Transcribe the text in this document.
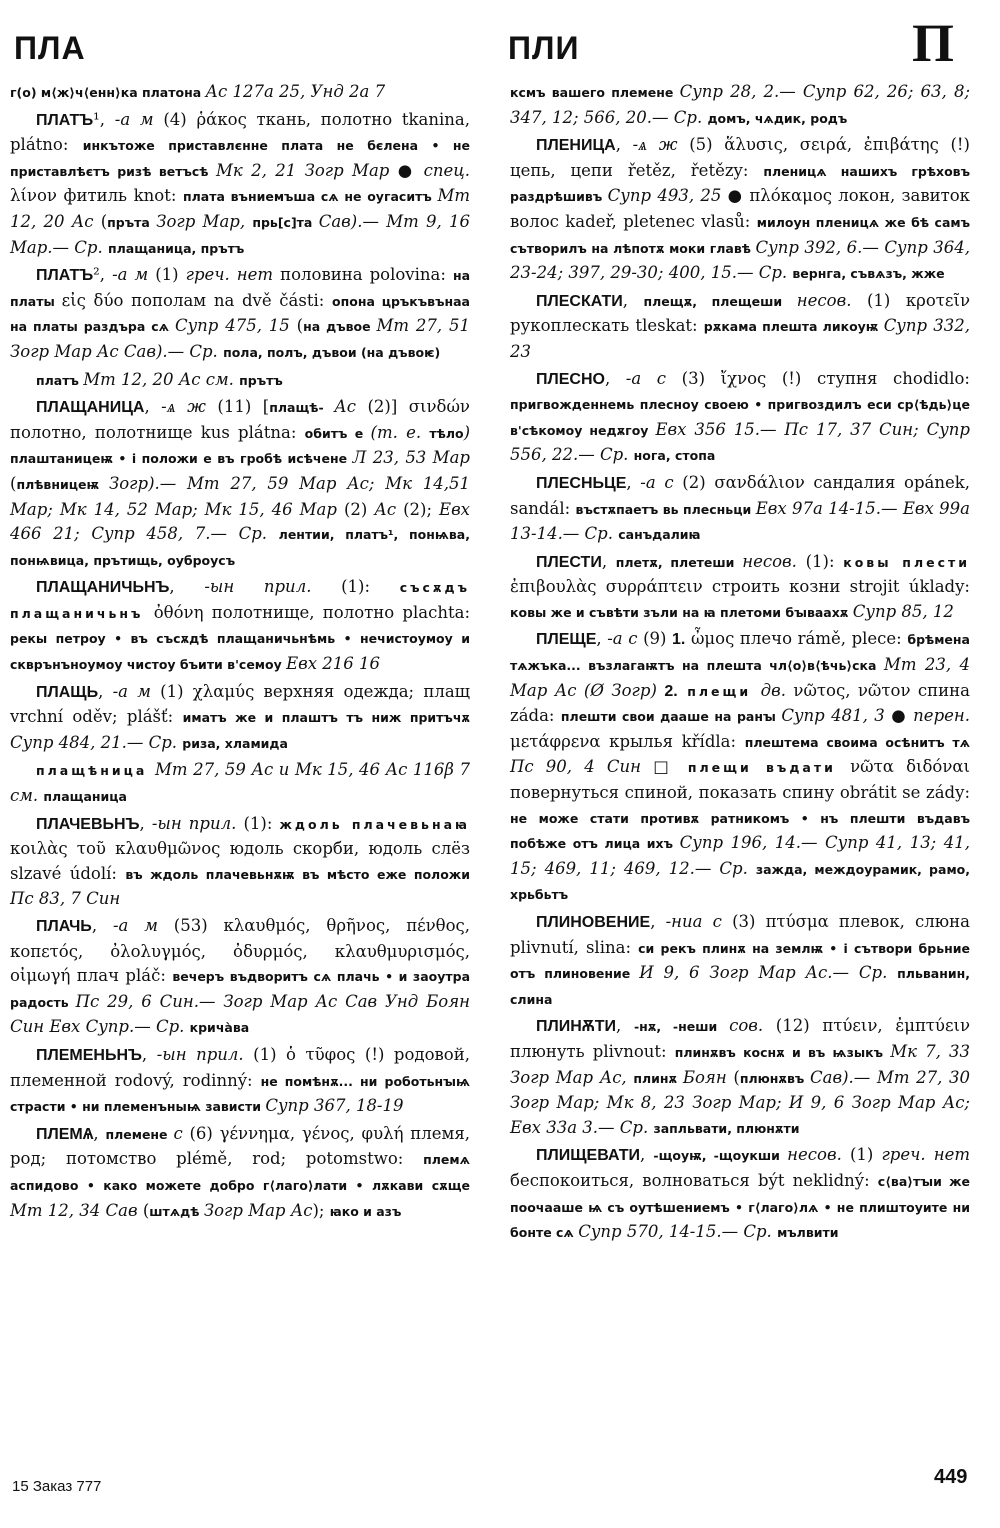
ПЛА	ПЛИ	П

г(о) м⟨ж⟩ч⟨енн⟩ка платона Ас 127а 25, Унд 2а 7

ПЛАТЪ¹, -а м (4) ῥάκος ткань, полотно tkanina, plátno: инкътоже приставлєнне плата не бєлена • не приставлѣєтъ ризѣ ветъсѣ Мк 2, 21 Зогр Мар ● спец. λίνον фитиль knot: плата въниемъша сѧ не оугаситъ Мт 12, 20 Ас (пръта Зогр Мар, прь[с]та Сав).— Мт 9, 16 Мар.— Ср. плащаница, прътъ

ПЛАТЪ², -а м (1) греч. нет половина polovina: на платы εἰς δύο пополам na dvě části: опона цръкъвънаа на платы раздъра сѧ Супр 475, 15 (на дъвое Мт 27, 51 Зогр Мар Ас Сав).— Ср. пола, полъ, дъвои (на дъвоѥ)

платъ Мт 12, 20 Ас см. прътъ

ПЛАЩАНИЦА, -ѧ ж (11) [плащѣ- Ас (2)] σινδών полотно, полотнище kus plátna: обитъ е (т. е. тѣло) плаштаницеѭ • і положи е въ гробѣ исѣчене Л 23, 53 Мар (плѣвницеѭ Зогр).— Мт 27, 59 Мар Ас; Мк 14,51 Мар; Мк 14, 52 Мар; Мк 15, 46 Мар (2) Ас (2); Евх 466 21; Супр 458, 7.— Ср. лентии, платъ¹, понѩва, понѩвица, прътищь, оуброусъ

ПЛАЩАНИЧЬНЪ, -ын прил. (1): съсѫдъ плащаничьнъ ὀθόνη полотнище, полотно plachta: рекы петроу • въ съсѫдѣ плащаничьнѣмь • нечистоумоу и скврънъноумоу чистоу бъити в'семоу Евх 216 16

ПЛАЩЬ, -а м (1) χλαμύς верхняя одежда; плащ vrchní oděv; plášť: иматъ же и плаштъ тъ ниж притъчѫ Супр 484, 21.— Ср. риза, хламида

плащѣница Мт 27, 59 Ас и Мк 15, 46 Ас 116β 7 см. плащаница

ПЛАЧЕВЬНЪ, -ын прил. (1): ждоль плачевьнаꙗ κοιλὰς τοῦ κλαυθμῶνος юдоль скорби, юдоль слёз slzavé údolí: въ ждоль плачевьнѫѭ въ мѣсто еже положи Пс 83, 7 Син

ПЛАЧЬ, -а м (53) κλαυθμός, θρῆνος, πένθος, κοπετός, ὀλολυγμός, ὀδυρμός, κλαυθμυρισμός, οἰμωγή плач pláč: вечеръ въдворитъ сѧ плачь • и заоутра радость Пс 29, 6 Син.— Зогр Мар Ас Сав Унд Боян Син Евх Супр.— Ср. крича̀ва

ПЛЕМЕНЬНЪ, -ын прил. (1) ὁ τῦφος (!) родовой, племенной rodový, rodinný: не помѣнѫ... ни роботьнꙑѩ страсти • ни племенъныѩ зависти Супр 367, 18-19

ПЛЕМѦ, племене с (6) γέννημα, γένος, φυλή племя, род; потомство plémě, rod; potomstwo: племѧ аспидово • како можете добро г⟨лаго⟩лати • лѫкави сѫще Мт 12, 34 Сав (штѧдѣ Зогр Мар Ас); ꙗко и азъ

ксмъ вашего племене Супр 28, 2.— Супр 62, 26; 63, 8; 347, 12; 566, 20.— Ср. домъ, чѧдик, родъ

ПЛЕНИЦА, -ѧ ж (5) ἅλυσις, σειρά, ἐπιβάτης (!) цепь, цепи řetěz, řetězy: пленицѧ нашихъ грѣховъ раздрѣшивъ Супр 493, 25 ● πλόκαμος локон, завиток волос kadeř, pletenec vlasů: милоун пленицѧ же бѣ самъ сътворилъ на лѣпотѫ моки главѣ Супр 392, 6.— Супр 364, 23-24; 397, 29-30; 400, 15.— Ср. вернга, съвѧзъ, жже

ПЛЕСКАТИ, плещѫ, плещеши несов. (1) κροτεῖν рукоплескать tleskat: рѫкама плешта ликоуѭ Супр 332, 23

ПЛЕСНО, -а с (3) ἴχνος (!) ступня chodidlo: пригвожденнемь плесноу своею • пригвоздилъ еси ср⟨ѣдь⟩це в'сѣкомоу недѫгоу Евх 356 15.— Пс 17, 37 Син; Супр 556, 22.— Ср. нога, стопа

ПЛЕСНЬЦЕ, -а с (2) σανδάλιον сандалия opánek, sandál: въстѫпаетъ вь плесньци Евх 97а 14-15.— Евх 99а 13-14.— Ср. санъдалиꙗ

ПЛЕСТИ, плетѫ, плетеши несов. (1): ковы плести ἐπιβουλὰς συρράπτειν строить козни strojit úklady: ковы же и съвѣти зъли на ꙗ плетоми бꙑваахѫ Супр 85, 12

ПЛЕЩЕ, -а с (9) 1. ὦμος плечо rámě, plece: брѣмена тѧжъка... възлагаѭтъ на плешта чл⟨о⟩в⟨ѣчь⟩ска Мт 23, 4 Мар Ас (Ø Зогр) 2. плещи дв. νῶτος, νῶτον спина záda: плешти свои дааше на ранꙑ Супр 481, 3 ● перен. μετάφρενα крылья křídla: плештема своима осѣнитъ тѧ Пс 90, 4 Син □ плещи въдати νῶτα διδόναι повернуться спиной, показать спину obrátit se zády: не може стати противѫ ратникомъ • нъ плешти въдавъ побѣже отъ лица ихъ Супр 196, 14.— Супр 41, 13; 41, 15; 469, 11; 469, 12.— Ср. зажда, междоурамик, рамо, хрьбьтъ

ПЛИНОВЕНИЕ, -ниа с (3) πτύσμα плевок, слюна plivnutí, slina: си рекъ плинѫ на землѭ • і сътвори брьние отъ плиновение И 9, 6 Зогр Мар Ас.— Ср. пльванин, слина

ПЛИНѪТИ, -нѫ, -неши сов. (12) πτύειν, ἐμπτύειν плюнуть plivnout: плинѫвъ коснѫ и въ ѩзыкъ Мк 7, 33 Зогр Мар Ас, плинѫ Боян (плюнѫвъ Сав).— Мт 27, 30 Зогр Мар; Мк 8, 23 Зогр Мар; И 9, 6 Зогр Мар Ас; Евх 33а 3.— Ср. запльвати, плюнѫти

ПЛИЩЕВАТИ, -щоуѭ, -щоукши несов. (1) греч. нет беспокоиться, волноваться být neklidný: с⟨ва⟩тꙑи же поочааше ѩ съ оутѣшениемъ • г⟨лаго⟩лѧ • не плиштоуите ни бонте сѧ Супр 570, 14-15.— Ср. мълвити

15 Заказ 777	449
